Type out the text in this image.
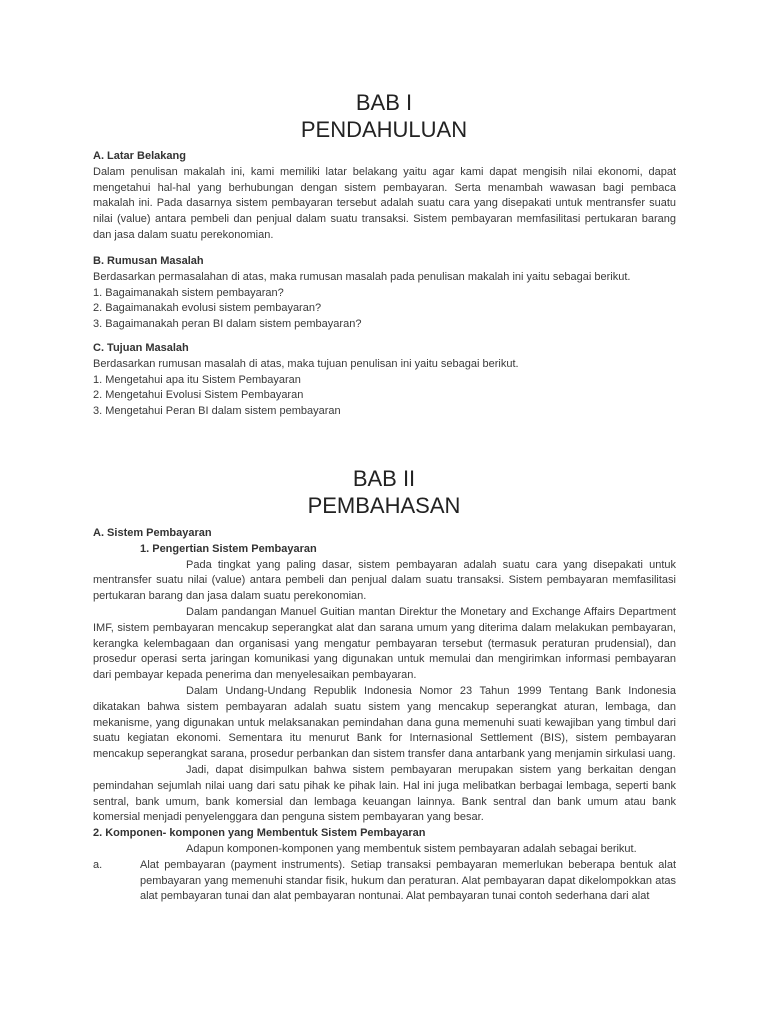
BAB I
PENDAHULUAN

A. Latar Belakang

Dalam penulisan makalah ini, kami memiliki latar belakang yaitu agar kami dapat mengisih nilai ekonomi, dapat mengetahui hal-hal yang berhubungan dengan sistem pembayaran. Serta menambah wawasan bagi pembaca makalah ini. Pada dasarnya sistem pembayaran tersebut adalah suatu cara yang disepakati untuk mentransfer suatu nilai (value) antara pembeli dan penjual dalam suatu transaksi. Sistem pembayaran memfasilitasi pertukaran barang dan jasa dalam suatu perekonomian.

B. Rumusan Masalah

Berdasarkan permasalahan di atas, maka rumusan masalah pada penulisan makalah ini yaitu sebagai berikut.

1. Bagaimanakah sistem pembayaran?

2. Bagaimanakah evolusi sistem pembayaran?

3. Bagaimanakah peran BI dalam sistem pembayaran?

C. Tujuan Masalah

Berdasarkan rumusan masalah di atas, maka tujuan penulisan ini yaitu sebagai berikut.

1. Mengetahui apa itu Sistem Pembayaran

2. Mengetahui Evolusi Sistem Pembayaran

3. Mengetahui Peran BI dalam sistem pembayaran

BAB II
PEMBAHASAN

A. Sistem Pembayaran

1. Pengertian Sistem Pembayaran

Pada tingkat yang paling dasar, sistem pembayaran adalah suatu cara yang disepakati untuk mentransfer suatu nilai (value) antara pembeli dan penjual dalam suatu transaksi. Sistem pembayaran memfasilitasi pertukaran barang dan jasa dalam suatu perekonomian.

Dalam pandangan Manuel Guitian mantan Direktur the Monetary and Exchange Affairs Department IMF, sistem pembayaran mencakup seperangkat alat dan sarana umum yang diterima dalam melakukan pembayaran, kerangka kelembagaan dan organisasi yang mengatur pembayaran tersebut (termasuk peraturan prudensial), dan prosedur operasi serta jaringan komunikasi yang digunakan untuk memulai dan mengirimkan informasi pembayaran dari pembayar kepada penerima dan menyelesaikan pembayaran.

Dalam Undang-Undang Republik Indonesia Nomor 23 Tahun 1999 Tentang Bank Indonesia dikatakan bahwa sistem pembayaran adalah suatu sistem yang mencakup seperangkat aturan, lembaga, dan mekanisme, yang digunakan untuk melaksanakan pemindahan dana guna memenuhi suati kewajiban yang timbul dari suatu kegiatan ekonomi. Sementara itu menurut Bank for Internasional Settlement (BIS), sistem pembayaran mencakup seperangkat sarana, prosedur perbankan dan sistem transfer dana antarbank yang menjamin sirkulasi uang.

Jadi, dapat disimpulkan bahwa sistem pembayaran merupakan sistem yang berkaitan dengan pemindahan sejumlah nilai uang dari satu pihak ke pihak lain. Hal ini juga melibatkan berbagai lembaga, seperti bank sentral, bank umum, bank komersial dan lembaga keuangan lainnya. Bank sentral dan bank umum atau bank komersial menjadi penyelenggara dan penguna sistem pembayaran yang besar.

2. Komponen- komponen yang Membentuk Sistem Pembayaran

Adapun komponen-komponen yang membentuk sistem pembayaran adalah sebagai berikut.

a.	Alat pembayaran (payment instruments). Setiap transaksi pembayaran memerlukan beberapa bentuk alat pembayaran yang memenuhi standar fisik, hukum dan peraturan. Alat pembayaran dapat dikelompokkan atas alat pembayaran tunai dan alat pembayaran nontunai. Alat pembayaran tunai contoh sederhana dari alat
